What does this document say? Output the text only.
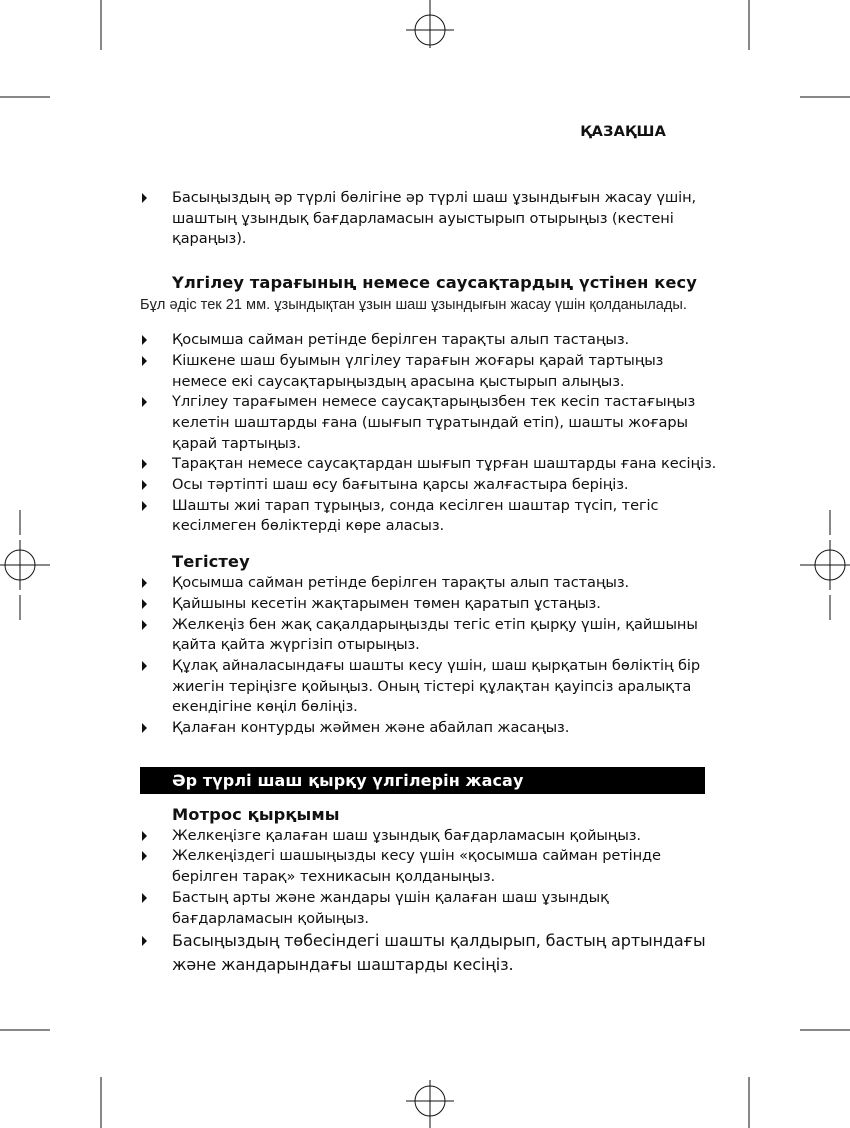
ҚАЗАҚША
Басыңыздың әр түрлі бөлігіне әр түрлі шаш ұзындығын жасау үшін, шаштың ұзындық бағдарламасын ауыстырып отырыңыз (кестені қараңыз).
Үлгілеу тарағының немесе саусақтардың үстінен кесу

Бұл әдіс тек 21 мм. ұзындықтан ұзын шаш ұзындығын жасау үшін қолданылады.

Қосымша сайман ретінде берілген тарақты алып тастаңыз.
Кішкене шаш буымын үлгілеу тарағын жоғары қарай тартыңыз немесе екі саусақтарыңыздың арасына қыстырып алыңыз.
Үлгілеу тарағымен немесе саусақтарыңызбен тек кесіп тастағыңыз келетін шаштарды ғана (шығып тұратындай етіп), шашты жоғары қарай тартыңыз.
Тарақтан немесе саусақтардан шығып тұрған шаштарды ғана кесіңіз.
Осы тәртіпті шаш өсу бағытына қарсы жалғастыра беріңіз.
Шашты жиі тарап тұрыңыз, сонда кесілген шаштар түсіп, тегіс кесілмеген бөліктерді көре аласыз.
Тегістеу
Қосымша сайман ретінде берілген тарақты алып тастаңыз.
Қайшыны кесетін жақтарымен төмен қаратып ұстаңыз.
Желкеңіз бен жақ сақалдарыңызды тегіс етіп қырқу үшін, қайшыны қайта қайта жүргізіп отырыңыз.
Құлақ айналасындағы шашты кесу үшін, шаш қырқатын бөліктің бір жиегін теріңізге қойыңыз. Оның тістері құлақтан қауіпсіз аралықта екендігіне көңіл бөліңіз.
Қалаған контурды жәймен және абайлап жасаңыз.
Әр түрлі шаш қырқу үлгілерін жасау
Мотрос қырқымы
Желкеңізге қалаған шаш ұзындық бағдарламасын қойыңыз.
Желкеңіздегі шашыңызды кесу үшін «қосымша сайман ретінде берілген тарақ» техникасын қолданыңыз.
Бастың арты және жандары үшін қалаған шаш ұзындық бағдарламасын қойыңыз.
Басыңыздың төбесіндегі шашты қалдырып, бастың артындағы және жандарындағы шаштарды кесіңіз.
